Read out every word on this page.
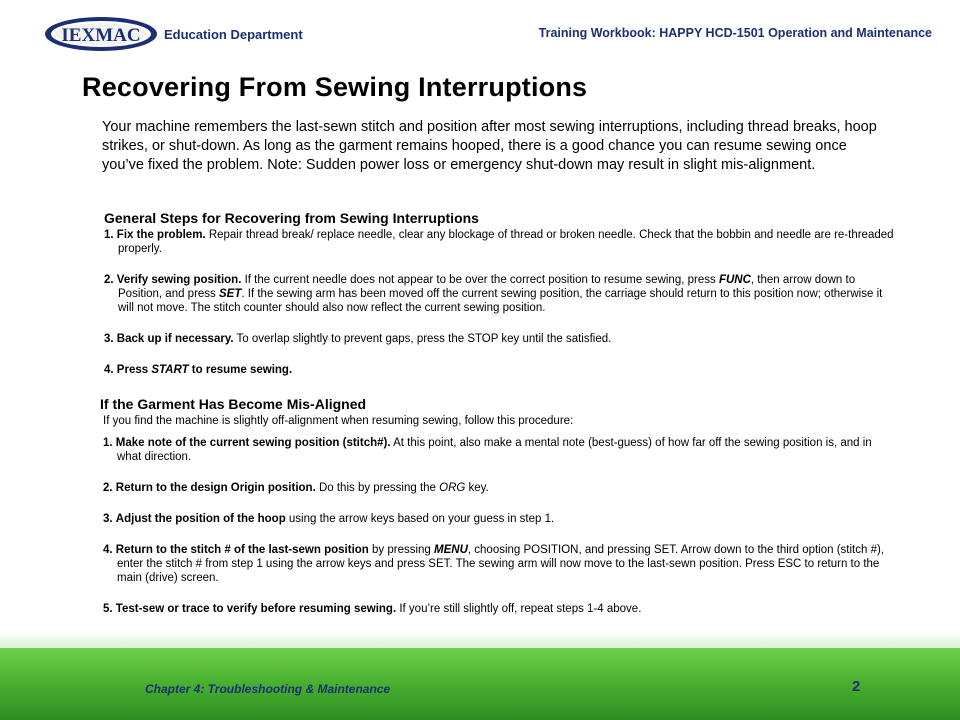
IEXMAC Education Department	Training Workbook: HAPPY HCD-1501 Operation and Maintenance
Recovering From Sewing Interruptions
Your machine remembers the last-sewn stitch and position after most sewing interruptions, including thread breaks, hoop strikes, or shut-down. As long as the garment remains hooped, there is a good chance you can resume sewing once you’ve fixed the problem. Note: Sudden power loss or emergency shut-down may result in slight mis-alignment.
General Steps for Recovering from Sewing Interruptions

1. Fix the problem. Repair thread break/ replace needle, clear any blockage of thread or broken needle. Check that the bobbin and needle are re-threaded properly.

2. Verify sewing position. If the current needle does not appear to be over the correct position to resume sewing, press FUNC, then arrow down to Position, and press SET. If the sewing arm has been moved off the current sewing position, the carriage should return to this position now; otherwise it will not move. The stitch counter should also now reflect the current sewing position.

3. Back up if necessary. To overlap slightly to prevent gaps, press the STOP key until the satisfied.

4. Press START to resume sewing.

If the Garment Has Become Mis-Aligned

If you find the machine is slightly off-alignment when resuming sewing, follow this procedure:

1. Make note of the current sewing position (stitch#). At this point, also make a mental note (best-guess) of how far off the sewing position is, and in what direction.

2. Return to the design Origin position. Do this by pressing the ORG key.

3. Adjust the position of the hoop using the arrow keys based on your guess in step 1.

4. Return to the stitch # of the last-sewn position by pressing MENU, choosing POSITION, and pressing SET. Arrow down to the third option (stitch #), enter the stitch # from step 1 using the arrow keys and press SET. The sewing arm will now move to the last-sewn position. Press ESC to return to the main (drive) screen.

5. Test-sew or trace to verify before resuming sewing. If you’re still slightly off, repeat steps 1-4 above.

Chapter 4: Troubleshooting & Maintenance	2
